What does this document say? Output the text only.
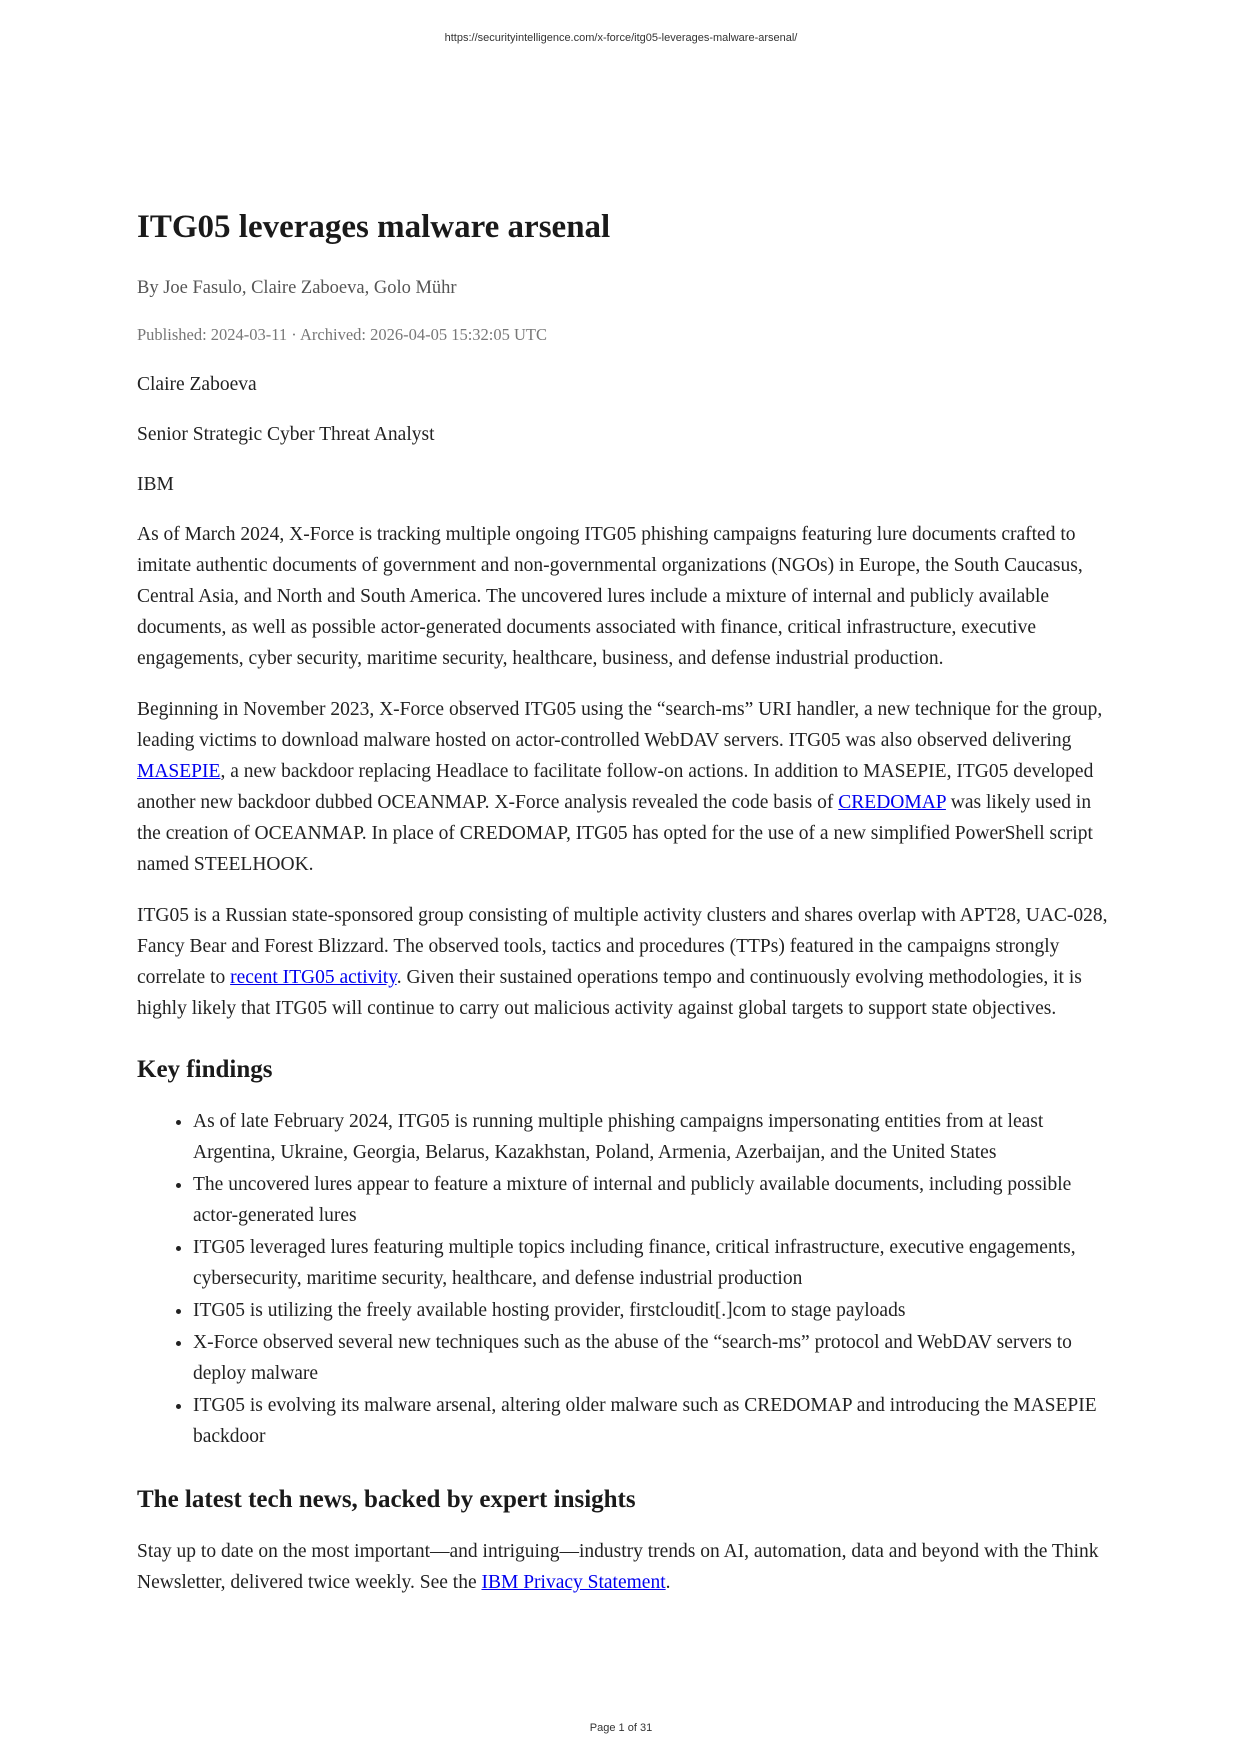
https://securityintelligence.com/x-force/itg05-leverages-malware-arsenal/
ITG05 leverages malware arsenal
By Joe Fasulo, Claire Zaboeva, Golo Mühr
Published: 2024-03-11 · Archived: 2026-04-05 15:32:05 UTC

Claire Zaboeva

Senior Strategic Cyber Threat Analyst

IBM

As of March 2024, X-Force is tracking multiple ongoing ITG05 phishing campaigns featuring lure documents crafted to imitate authentic documents of government and non-governmental organizations (NGOs) in Europe, the South Caucasus, Central Asia, and North and South America. The uncovered lures include a mixture of internal and publicly available documents, as well as possible actor-generated documents associated with finance, critical infrastructure, executive engagements, cyber security, maritime security, healthcare, business, and defense industrial production.

Beginning in November 2023, X-Force observed ITG05 using the “search-ms” URI handler, a new technique for the group, leading victims to download malware hosted on actor-controlled WebDAV servers. ITG05 was also observed delivering MASEPIE, a new backdoor replacing Headlace to facilitate follow-on actions. In addition to MASEPIE, ITG05 developed another new backdoor dubbed OCEANMAP. X-Force analysis revealed the code basis of CREDOMAP was likely used in the creation of OCEANMAP. In place of CREDOMAP, ITG05 has opted for the use of a new simplified PowerShell script named STEELHOOK.

ITG05 is a Russian state-sponsored group consisting of multiple activity clusters and shares overlap with APT28, UAC-028, Fancy Bear and Forest Blizzard. The observed tools, tactics and procedures (TTPs) featured in the campaigns strongly correlate to recent ITG05 activity. Given their sustained operations tempo and continuously evolving methodologies, it is highly likely that ITG05 will continue to carry out malicious activity against global targets to support state objectives.

Key findings
• As of late February 2024, ITG05 is running multiple phishing campaigns impersonating entities from at least Argentina, Ukraine, Georgia, Belarus, Kazakhstan, Poland, Armenia, Azerbaijan, and the United States
• The uncovered lures appear to feature a mixture of internal and publicly available documents, including possible actor-generated lures
• ITG05 leveraged lures featuring multiple topics including finance, critical infrastructure, executive engagements, cybersecurity, maritime security, healthcare, and defense industrial production
• ITG05 is utilizing the freely available hosting provider, firstcloudit[.]com to stage payloads
• X-Force observed several new techniques such as the abuse of the “search-ms” protocol and WebDAV servers to deploy malware
• ITG05 is evolving its malware arsenal, altering older malware such as CREDOMAP and introducing the MASEPIE backdoor
The latest tech news, backed by expert insights

Stay up to date on the most important—and intriguing—industry trends on AI, automation, data and beyond with the Think Newsletter, delivered twice weekly. See the IBM Privacy Statement.

Page 1 of 31
